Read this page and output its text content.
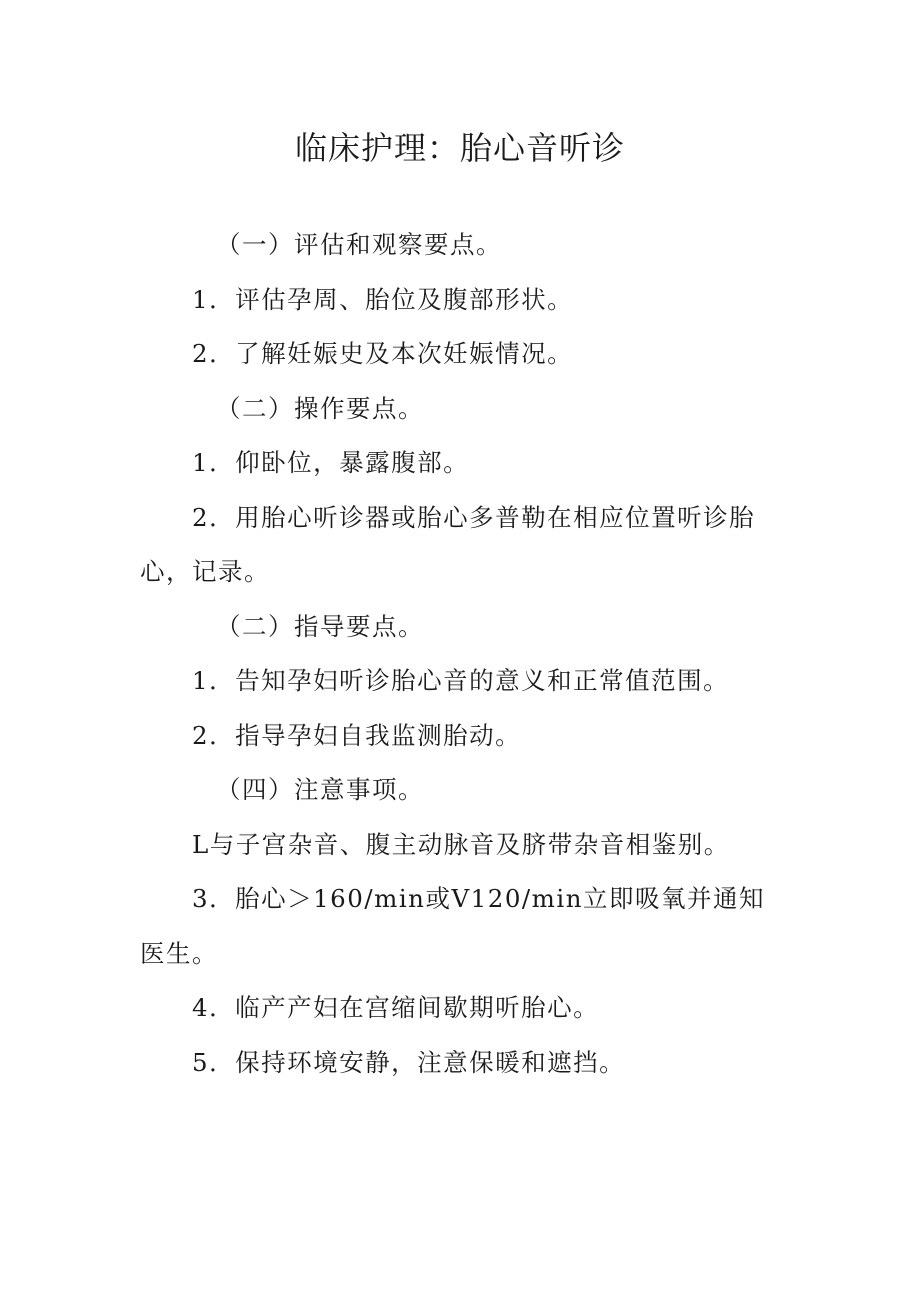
临床护理：胎心音听诊

（一）评估和观察要点。

1．评估孕周、胎位及腹部形状。

2．了解妊娠史及本次妊娠情况。

（二）操作要点。

1．仰卧位，暴露腹部。

2．用胎心听诊器或胎心多普勒在相应位置听诊胎心，记录。

（二）指导要点。

1．告知孕妇听诊胎心音的意义和正常值范围。

2．指导孕妇自我监测胎动。

（四）注意事项。

L与子宫杂音、腹主动脉音及脐带杂音相鉴别。

3．胎心＞160/min或V120/min立即吸氧并通知医生。

4．临产产妇在宫缩间歇期听胎心。

5．保持环境安静，注意保暖和遮挡。
